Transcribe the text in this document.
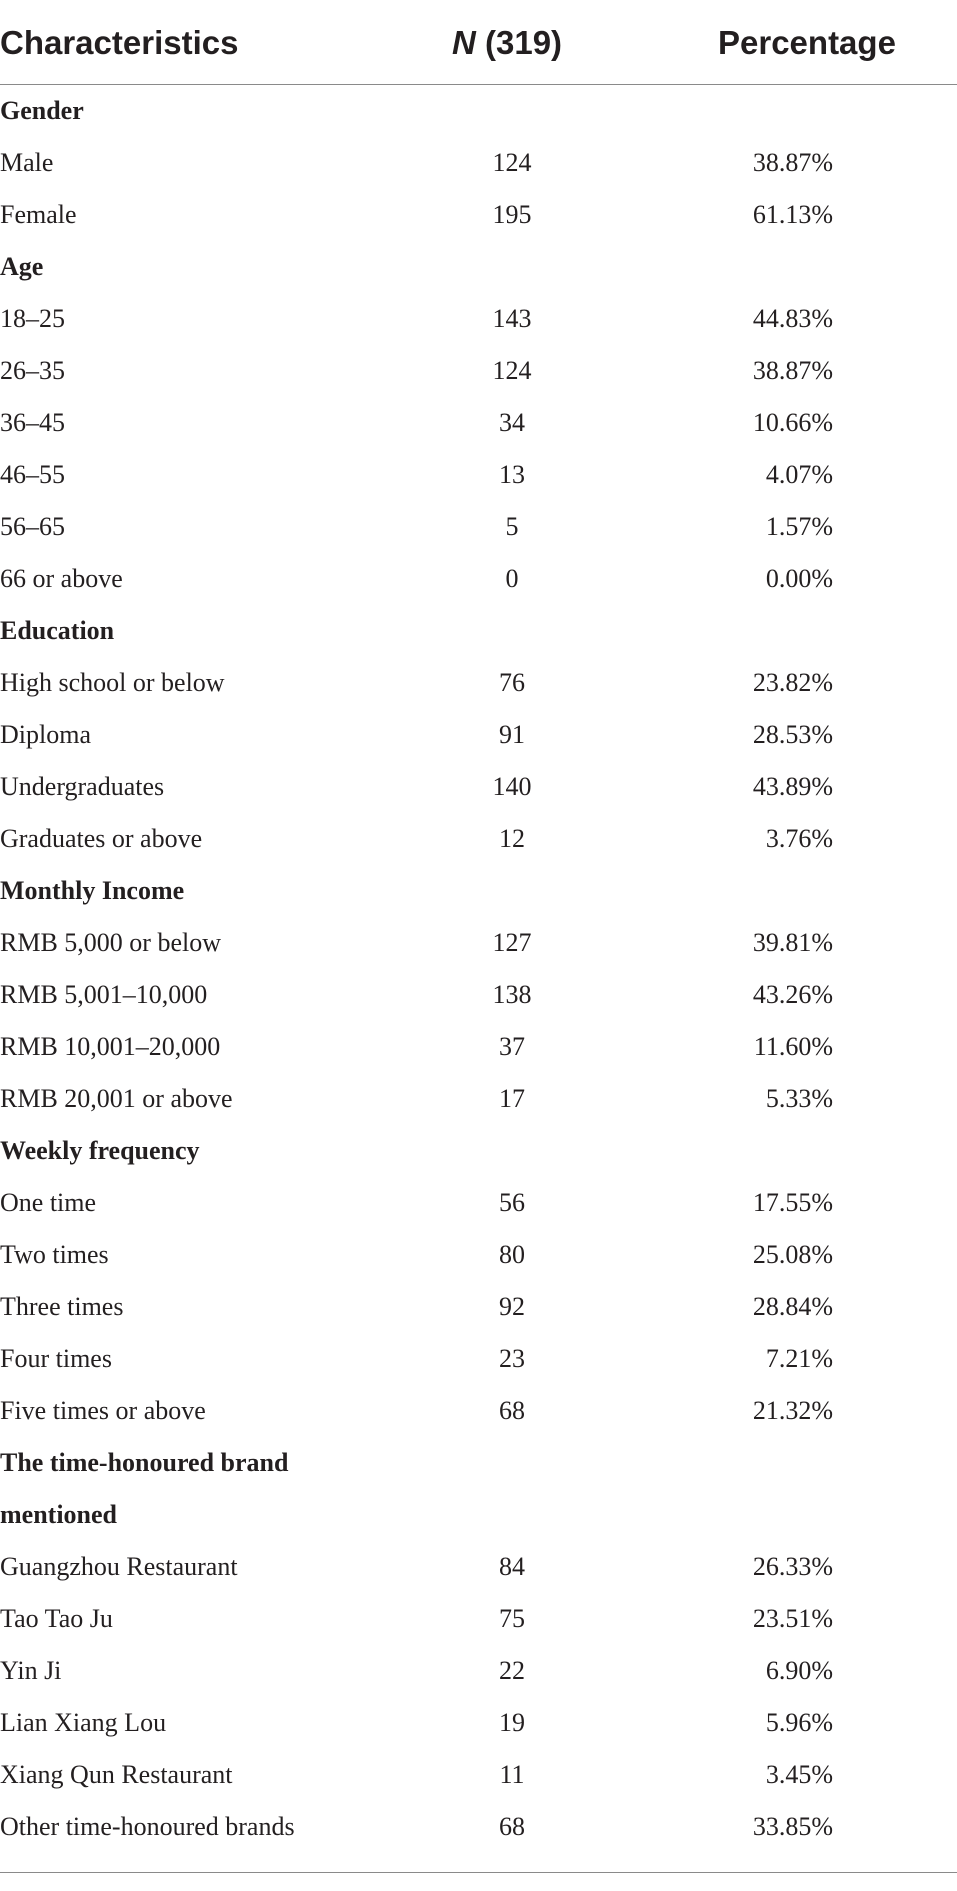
Characteristics	N (319)	Percentage
Gender
Male	124	38.87%
Female	195	61.13%
Age
18–25	143	44.83%
26–35	124	38.87%
36–45	34	10.66%
46–55	13	4.07%
56–65	5	1.57%
66 or above	0	0.00%
Education
High school or below	76	23.82%
Diploma	91	28.53%
Undergraduates	140	43.89%
Graduates or above	12	3.76%
Monthly Income
RMB 5,000 or below	127	39.81%
RMB 5,001–10,000	138	43.26%
RMB 10,001–20,000	37	11.60%
RMB 20,001 or above	17	5.33%
Weekly frequency
One time	56	17.55%
Two times	80	25.08%
Three times	92	28.84%
Four times	23	7.21%
Five times or above	68	21.32%
The time-honoured brand
mentioned
Guangzhou Restaurant	84	26.33%
Tao Tao Ju	75	23.51%
Yin Ji	22	6.90%
Lian Xiang Lou	19	5.96%
Xiang Qun Restaurant	11	3.45%
Other time-honoured brands	68	33.85%
